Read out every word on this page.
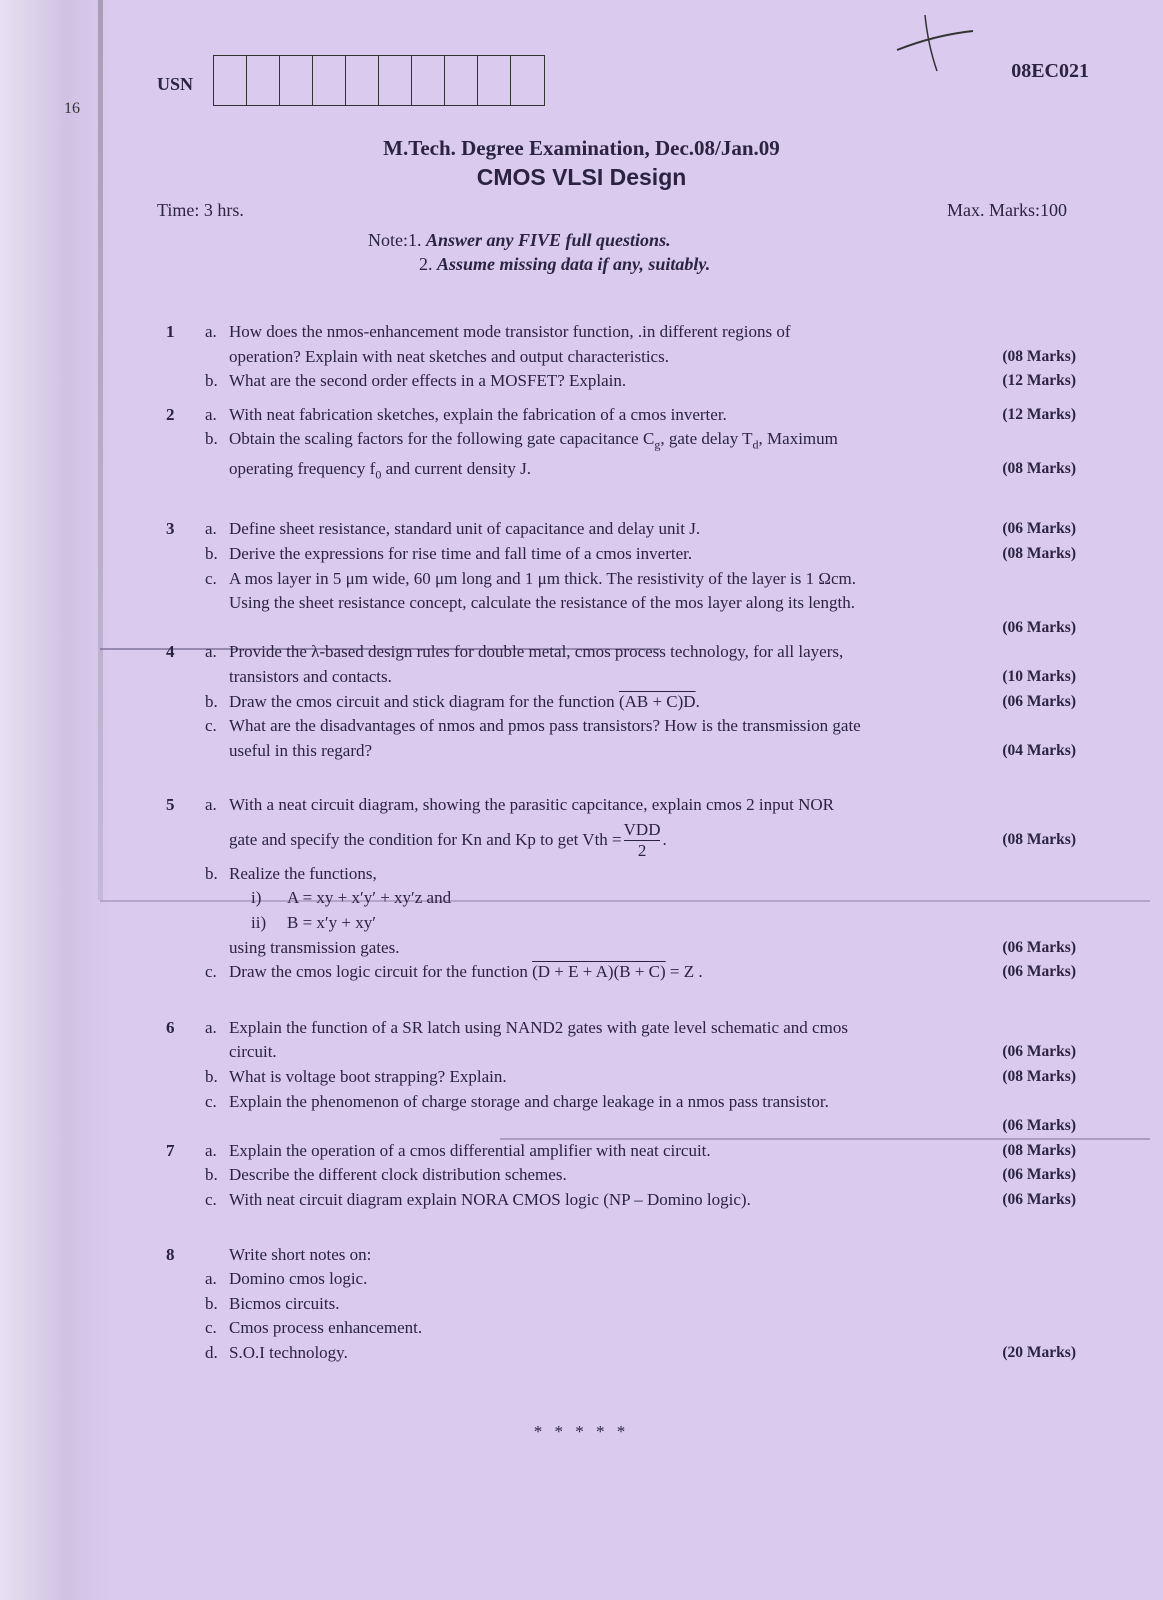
16
USN
08EC021
M.Tech. Degree Examination, Dec.08/Jan.09
CMOS VLSI Design
Time: 3 hrs.	Max. Marks:100
Note:1. Answer any FIVE full questions.
2. Assume missing data if any, suitably.
1	a. How does the nmos-enhancement mode transistor function, .in different regions of
operation? Explain with neat sketches and output characteristics.	(08 Marks)
b. What are the second order effects in a MOSFET? Explain.	(12 Marks)
2	a. With neat fabrication sketches, explain the fabrication of a cmos inverter.	(12 Marks)
b. Obtain the scaling factors for the following gate capacitance $C_g$, gate delay $T_d$, Maximum
operating frequency $f_0$ and current density J.	(08 Marks)
3	a. Define sheet resistance, standard unit of capacitance and delay unit J.	(06 Marks)
b. Derive the expressions for rise time and fall time of a cmos inverter.	(08 Marks)
c. A mos layer in 5 μm wide, 60 μm long and 1 μm thick. The resistivity of the layer is 1 Ωcm.
Using the sheet resistance concept, calculate the resistance of the mos layer along its length.
(06 Marks)
4	a. Provide the λ-based design rules for double metal, cmos process technology, for all layers,
transistors and contacts.	(10 Marks)
b. Draw the cmos circuit and stick diagram for the function (AB + C)D.	(06 Marks)
c. What are the disadvantages of nmos and pmos pass transistors? How is the transmission gate
useful in this regard?	(04 Marks)
5	a. With a neat circuit diagram, showing the parasitic capcitance, explain cmos 2 input NOR
gate and specify the condition for Kn and Kp to get Vth = $\frac{\text{VDD}}{2}$ .	(08 Marks)
b. Realize the functions,
i) A = xy + x′y′ + xy′z and
ii) B = x′y + xy′
using transmission gates.	(06 Marks)
c. Draw the cmos logic circuit for the function (D + E + A)(B + C) = Z .	(06 Marks)
6	a. Explain the function of a SR latch using NAND2 gates with gate level schematic and cmos
circuit.	(06 Marks)
b. What is voltage boot strapping? Explain.	(08 Marks)
c. Explain the phenomenon of charge storage and charge leakage in a nmos pass transistor.
(06 Marks)
7	a. Explain the operation of a cmos differential amplifier with neat circuit.	(08 Marks)
b. Describe the different clock distribution schemes.	(06 Marks)
c. With neat circuit diagram explain NORA CMOS logic (NP – Domino logic).	(06 Marks)
8	Write short notes on:
a. Domino cmos logic.
b. Bicmos circuits.
c. Cmos process enhancement.
d. S.O.I technology.	(20 Marks)
* * * * *
